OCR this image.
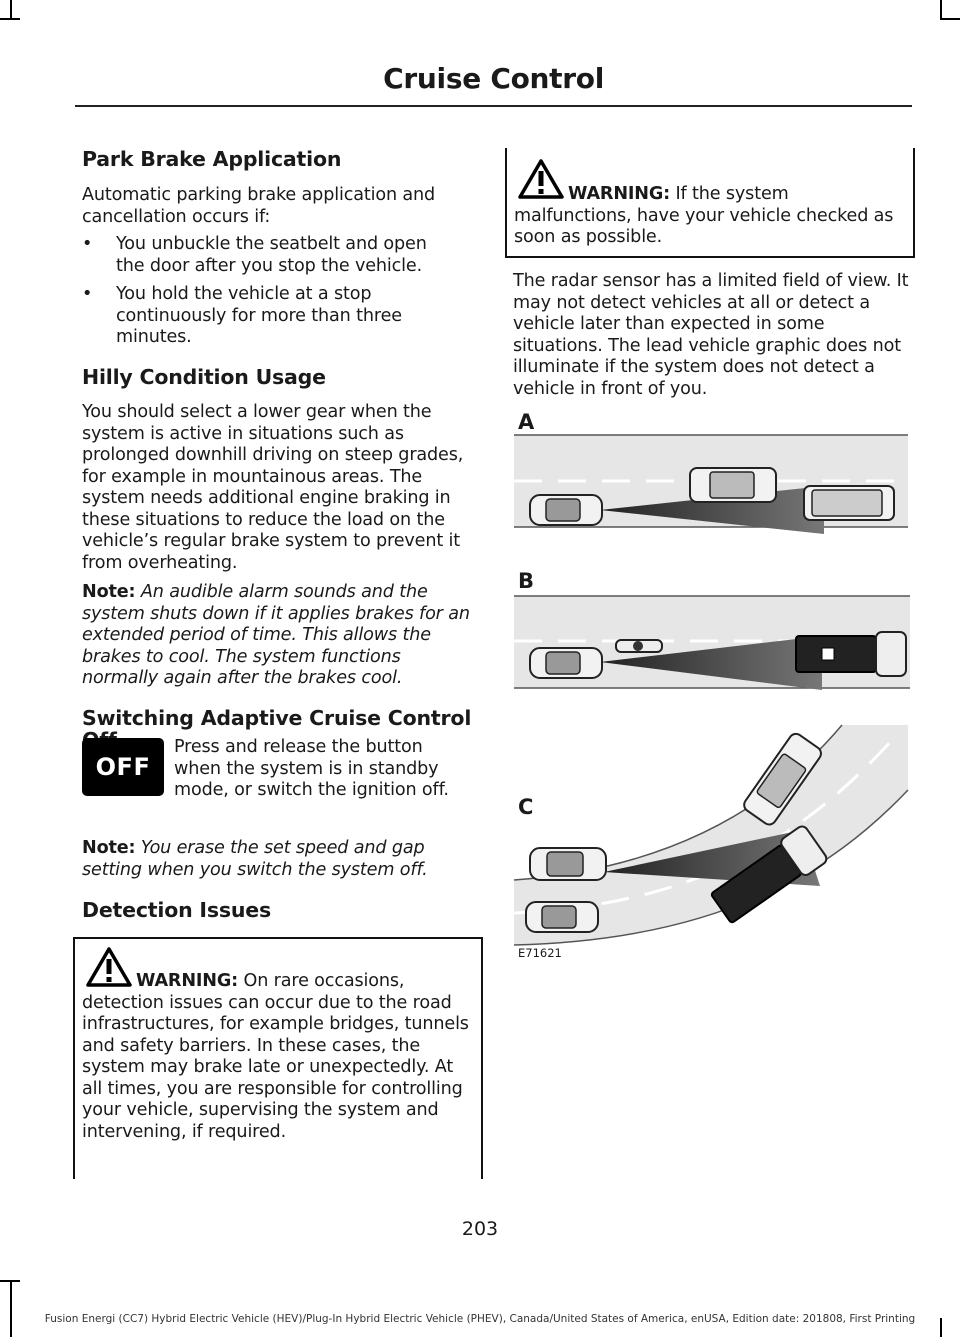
Cruise Control
Park Brake Application

Automatic parking brake application and cancellation occurs if:

• You unbuckle the seatbelt and open the door after you stop the vehicle.
• You hold the vehicle at a stop continuously for more than three minutes.
Hilly Condition Usage

You should select a lower gear when the system is active in situations such as prolonged downhill driving on steep grades, for example in mountainous areas. The system needs additional engine braking in these situations to reduce the load on the vehicle’s regular brake system to prevent it from overheating.

Note: An audible alarm sounds and the system shuts down if it applies brakes for an extended period of time. This allows the brakes to cool. The system functions normally again after the brakes cool.

Switching Adaptive Cruise Control

OFF

Press and release the button when the system is in standby mode, or switch the ignition off.

Note: You erase the set speed and gap setting when you switch the system off.

Detection Issues

WARNING: On rare occasions, detection issues can occur due to the road infrastructures, for example bridges, tunnels and safety barriers. In these cases, the system may brake late or unexpectedly. At all times, you are responsible for controlling your vehicle, supervising the system and intervening, if required.

WARNING: If the system malfunctions, have your vehicle checked as soon as possible.

The radar sensor has a limited field of view. It may not detect vehicles at all or detect a vehicle later than expected in some situations. The lead vehicle graphic does not illuminate if the system does not detect a vehicle in front of you.

A
B
C
E71621
203
Fusion Energi (CC7) Hybrid Electric Vehicle (HEV)/Plug-In Hybrid Electric Vehicle (PHEV), Canada/United States of America, enUSA, Edition date: 201808, First Printing
